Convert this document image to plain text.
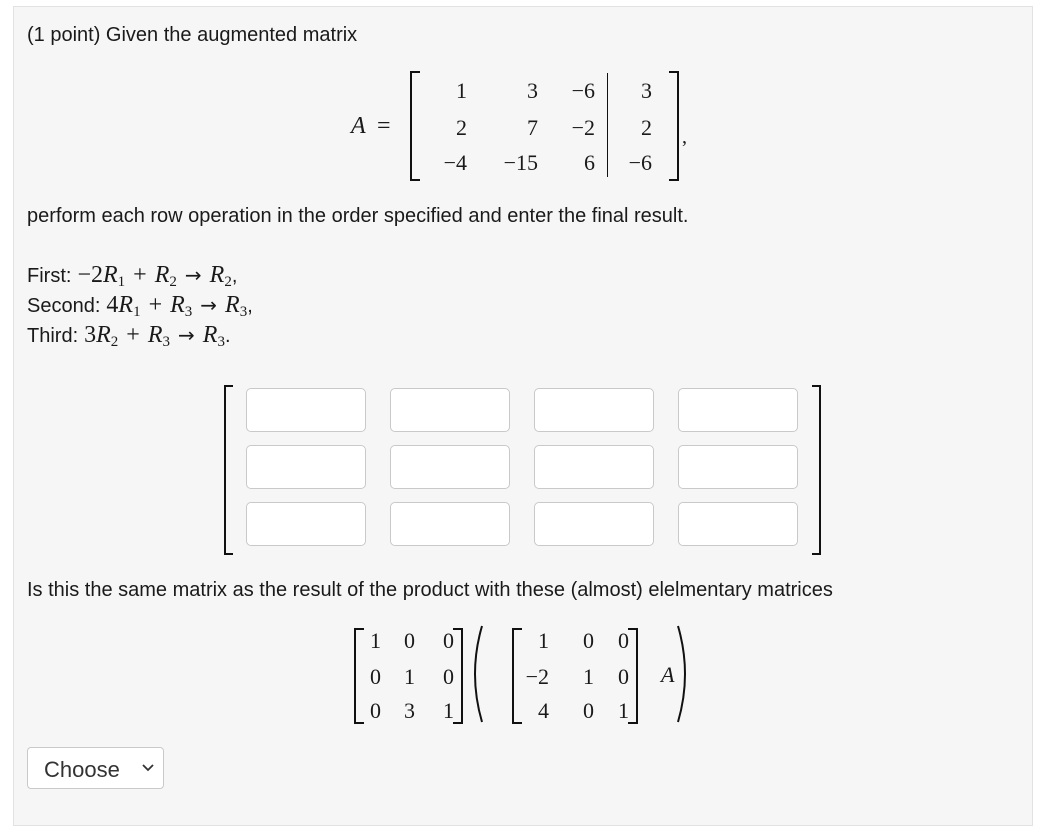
(1 point) Given the augmented matrix
A =
1	3	−6	3
2	7	−2	2
−4	−15	6	−6
,
perform each row operation in the order specified and enter the final result.
First: $-2R_1 + R_2 \to R_2$,
Second: $4R_1 + R_3 \to R_3$,
Third: $3R_2 + R_3 \to R_3$.
Is this the same matrix as the result of the product with these (almost) elelmentary matrices
1	0	0
0	1	0
0	3	1
1	0	0
−2	1	0
4	0	1
A
Choose
